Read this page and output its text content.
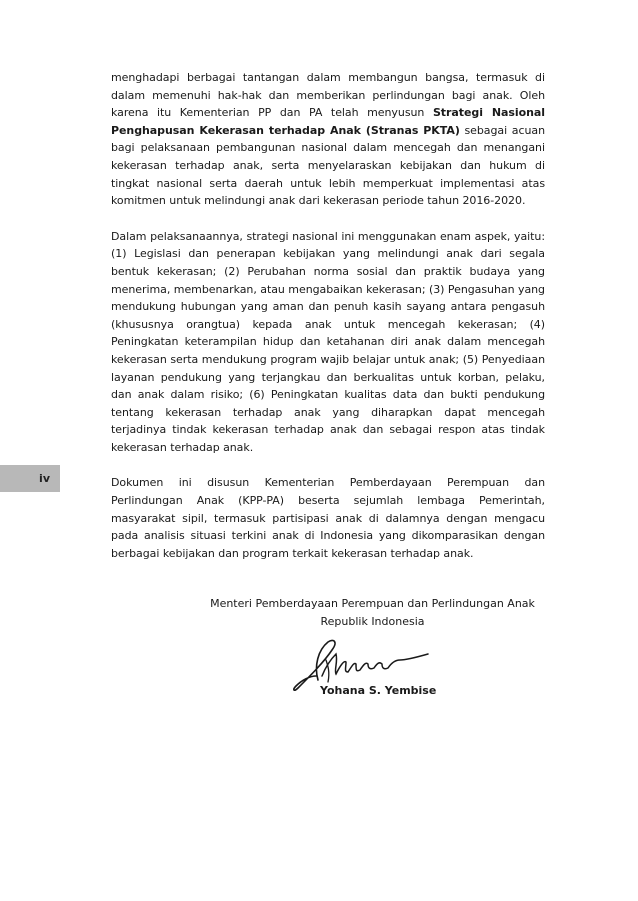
iv

menghadapi berbagai tantangan dalam membangun bangsa, termasuk di dalam memenuhi hak-hak dan memberikan perlindungan bagi anak. Oleh karena itu Kementerian PP dan PA telah menyusun Strategi Nasional Penghapusan Kekerasan terhadap Anak (Stranas PKTA) sebagai acuan bagi pelaksanaan pembangunan nasional dalam mencegah dan menangani kekerasan terhadap anak, serta menyelaraskan kebijakan dan hukum di tingkat nasional serta daerah untuk lebih memperkuat implementasi atas komitmen untuk melindungi anak dari kekerasan periode tahun 2016-2020.

Dalam pelaksanaannya, strategi nasional ini menggunakan enam aspek, yaitu: (1) Legislasi dan penerapan kebijakan yang melindungi anak dari segala bentuk kekerasan; (2) Perubahan norma sosial dan praktik budaya yang menerima, membenarkan, atau mengabaikan kekerasan; (3) Pengasuhan yang mendukung hubungan yang aman dan penuh kasih sayang antara pengasuh (khususnya orangtua) kepada anak untuk mencegah kekerasan; (4) Peningkatan keterampilan hidup dan ketahanan diri anak dalam mencegah kekerasan serta mendukung program wajib belajar untuk anak; (5) Penyediaan layanan pendukung yang terjangkau dan berkualitas untuk korban, pelaku, dan anak dalam risiko; (6) Peningkatan kualitas data dan bukti pendukung tentang kekerasan terhadap anak yang diharapkan dapat mencegah terjadinya tindak kekerasan terhadap anak dan sebagai respon atas tindak kekerasan terhadap anak.

Dokumen ini disusun Kementerian Pemberdayaan Perempuan dan Perlindungan Anak (KPP-PA) beserta sejumlah lembaga Pemerintah, masyarakat sipil, termasuk partisipasi anak di dalamnya dengan mengacu pada analisis situasi terkini anak di Indonesia yang dikomparasikan dengan berbagai kebijakan dan program terkait kekerasan terhadap anak.

Menteri Pemberdayaan Perempuan dan Perlindungan Anak
Republik Indonesia
Yohana S. Yembise
